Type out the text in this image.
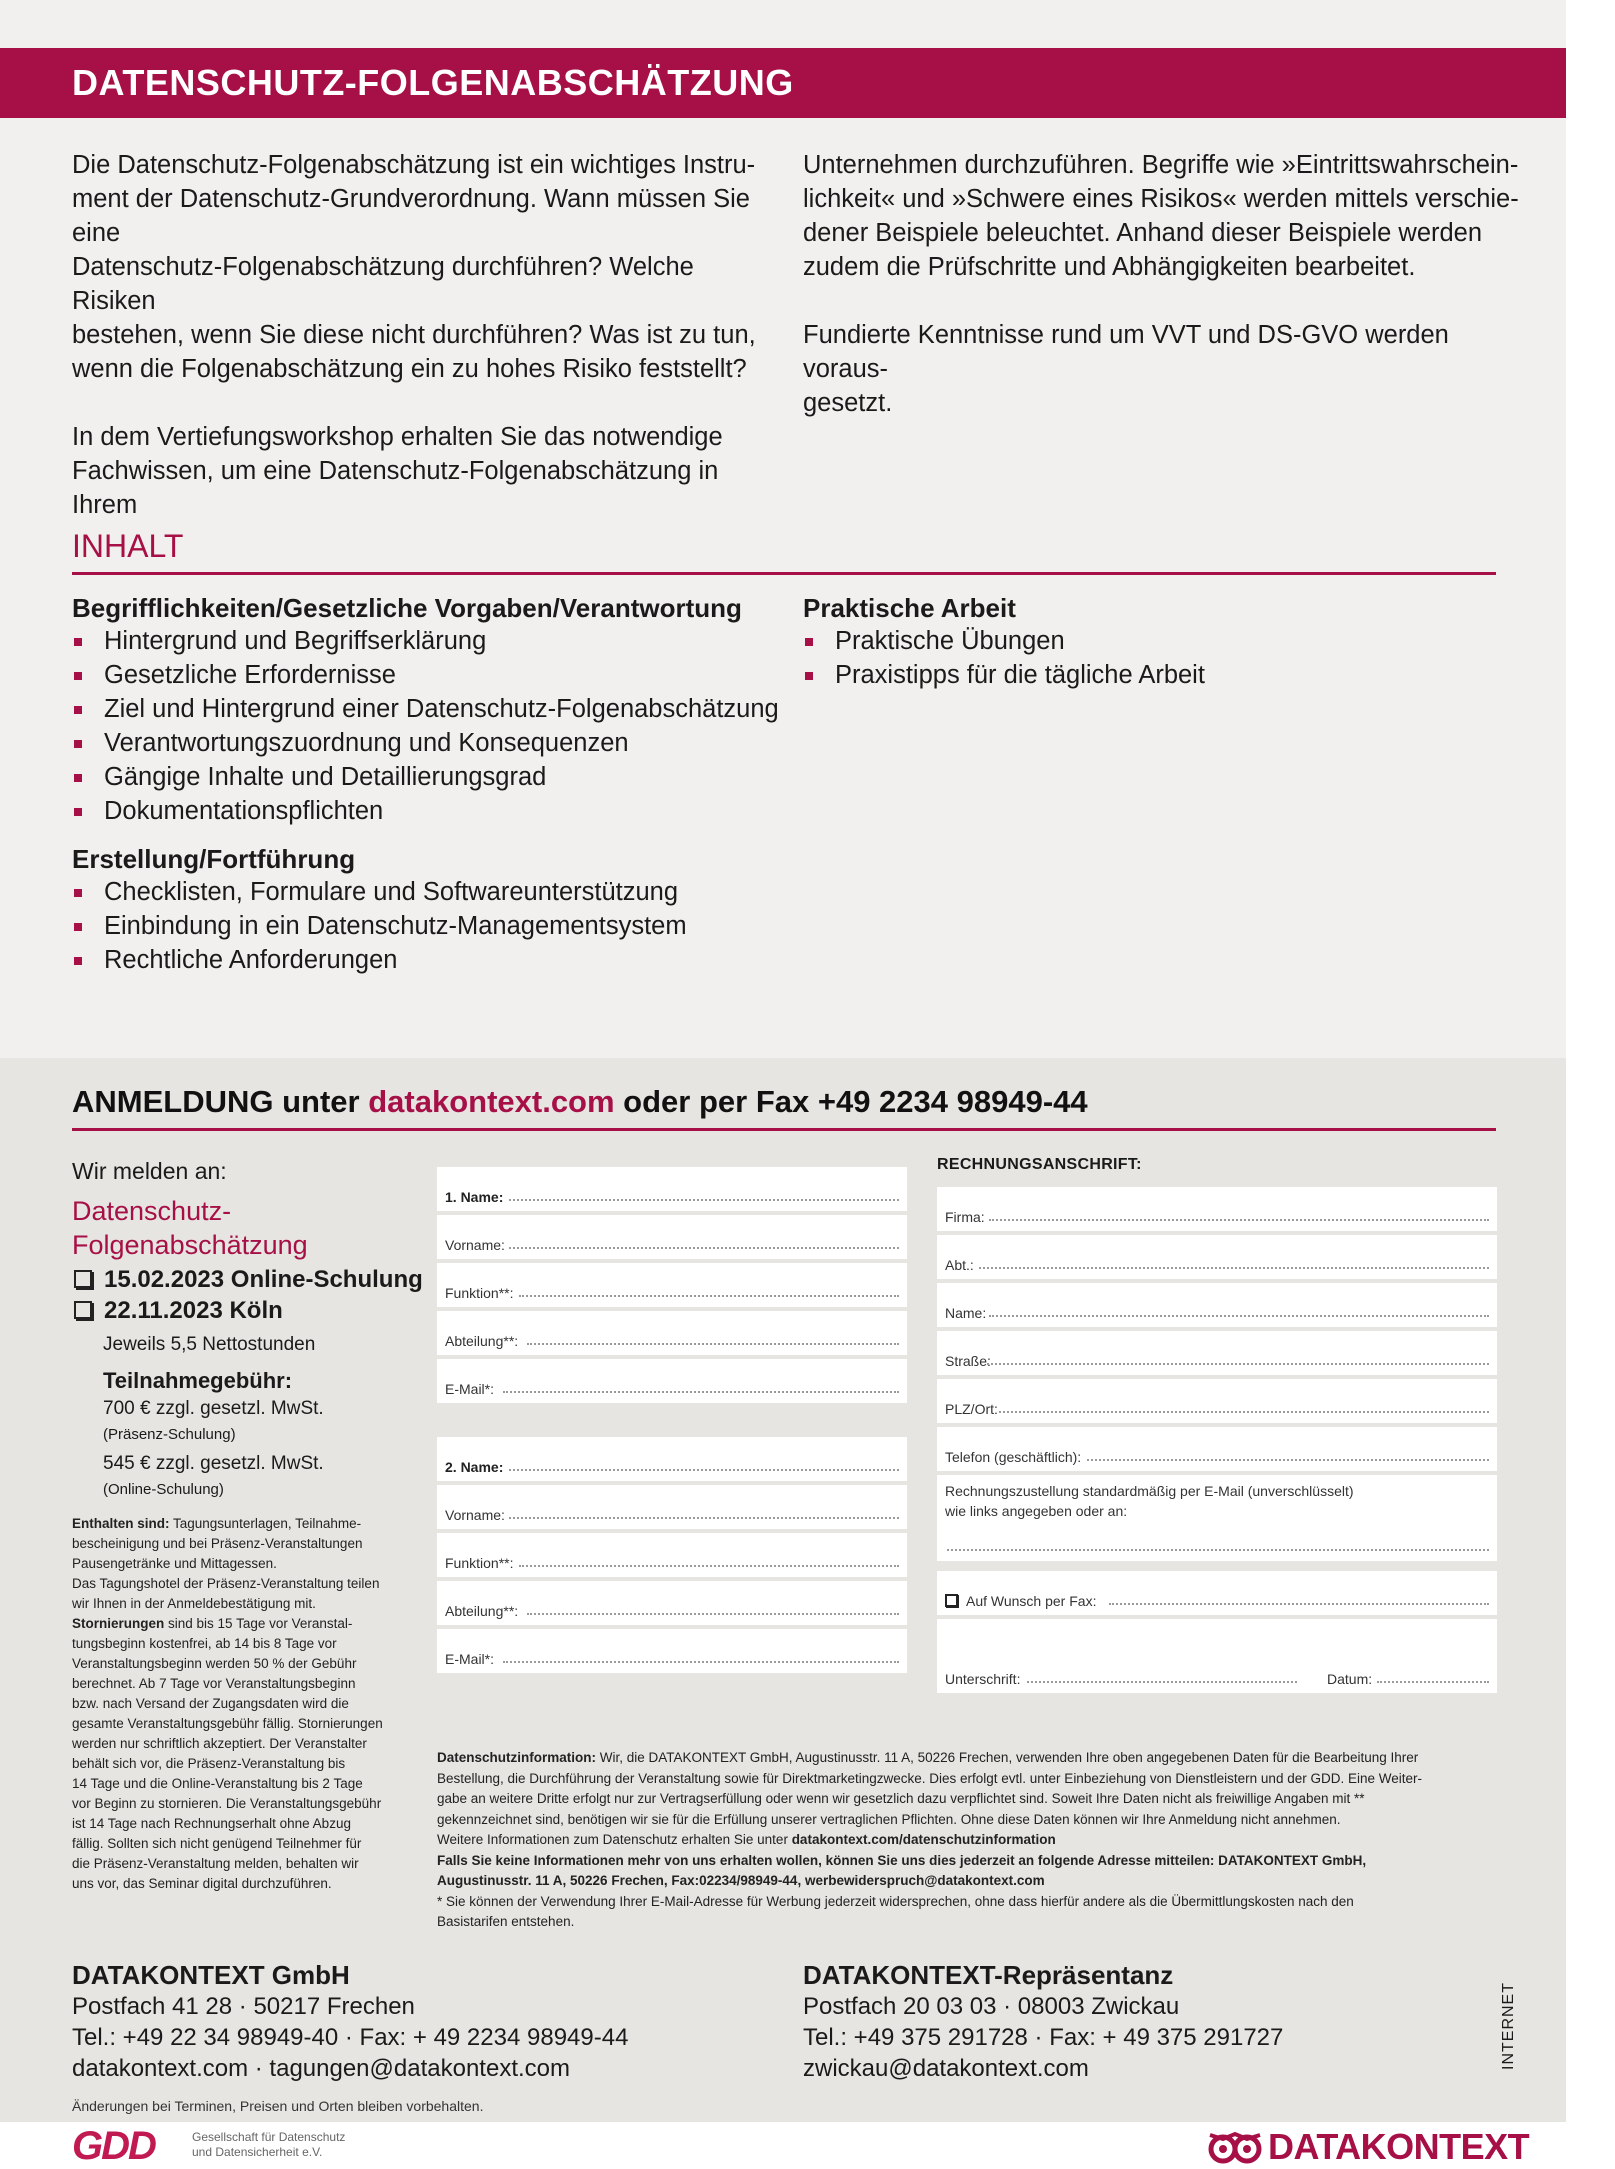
DATENSCHUTZ-FOLGENABSCHÄTZUNG
Die Datenschutz-Folgenabschätzung ist ein wichtiges Instru-
ment der Datenschutz-Grundverordnung. Wann müssen Sie eine
Datenschutz-Folgenabschätzung durchführen? Welche Risiken
bestehen, wenn Sie diese nicht durchführen? Was ist zu tun,
wenn die Folgenabschätzung ein zu hohes Risiko feststellt?

In dem Vertiefungsworkshop erhalten Sie das notwendige
Fachwissen, um eine Datenschutz-Folgenabschätzung in Ihrem
Unternehmen durchzuführen. Begriffe wie »Eintrittswahrschein-
lichkeit« und »Schwere eines Risikos« werden mittels verschie-
dener Beispiele beleuchtet. Anhand dieser Beispiele werden
zudem die Prüfschritte und Abhängigkeiten bearbeitet.

Fundierte Kenntnisse rund um VVT und DS-GVO werden voraus-
gesetzt.
INHALT
Begrifflichkeiten/Gesetzliche Vorgaben/Verantwortung
Hintergrund und Begriffserklärung
Gesetzliche Erfordernisse
Ziel und Hintergrund einer Datenschutz-Folgenabschätzung
Verantwortungszuordnung und Konsequenzen
Gängige Inhalte und Detaillierungsgrad
Dokumentationspflichten
Erstellung/Fortführung
Checklisten, Formulare und Softwareunterstützung
Einbindung in ein Datenschutz-Managementsystem
Rechtliche Anforderungen
Praktische Arbeit
Praktische Übungen
Praxistipps für die tägliche Arbeit
ANMELDUNG unter datakontext.com oder per Fax +49 2234 98949-44
Wir melden an:
Datenschutz-
Folgenabschätzung
15.02.2023 Online-Schulung
22.11.2023 Köln
Jeweils 5,5 Nettostunden
Teilnahmegebühr:
700 € zzgl. gesetzl. MwSt.
(Präsenz-Schulung)
545 € zzgl. gesetzl. MwSt.
(Online-Schulung)
Enthalten sind: Tagungsunterlagen, Teilnahme-
bescheinigung und bei Präsenz-Veranstaltungen
Pausengetränke und Mittagessen.
Das Tagungshotel der Präsenz-Veranstaltung teilen
wir Ihnen in der Anmeldebestätigung mit.
Stornierungen sind bis 15 Tage vor Veranstal-
tungsbeginn kostenfrei, ab 14 bis 8 Tage vor
Veranstaltungsbeginn werden 50 % der Gebühr
berechnet. Ab 7 Tage vor Veranstaltungsbeginn
bzw. nach Versand der Zugangsdaten wird die
gesamte Veranstaltungsgebühr fällig. Stornierungen
werden nur schriftlich akzeptiert. Der Veranstalter
behält sich vor, die Präsenz-Veranstaltung bis
14 Tage und die Online-Veranstaltung bis 2 Tage
vor Beginn zu stornieren. Die Veranstaltungsgebühr
ist 14 Tage nach Rechnungserhalt ohne Abzug
fällig. Sollten sich nicht genügend Teilnehmer für
die Präsenz-Veranstaltung melden, behalten wir
uns vor, das Seminar digital durchzuführen.
1. Name:
Vorname:
Funktion**:
Abteilung**:
E-Mail*:
2. Name:
Vorname:
Funktion**:
Abteilung**:
E-Mail*:
RECHNUNGSANSCHRIFT:
Firma:
Abt.:
Name:
Straße:
PLZ/Ort:
Telefon (geschäftlich):
Rechnungszustellung standardmäßig per E-Mail (unverschlüsselt)
wie links angegeben oder an:
Auf Wunsch per Fax:
Unterschrift:	Datum:
Datenschutzinformation: Wir, die DATAKONTEXT GmbH, Augustinusstr. 11 A, 50226 Frechen, verwenden Ihre oben angegebenen Daten für die Bearbeitung Ihrer
Bestellung, die Durchführung der Veranstaltung sowie für Direktmarketingzwecke. Dies erfolgt evtl. unter Einbeziehung von Dienstleistern und der GDD. Eine Weiter-
gabe an weitere Dritte erfolgt nur zur Vertragserfüllung oder wenn wir gesetzlich dazu verpflichtet sind. Soweit Ihre Daten nicht als freiwillige Angaben mit **
gekennzeichnet sind, benötigen wir sie für die Erfüllung unserer vertraglichen Pflichten. Ohne diese Daten können wir Ihre Anmeldung nicht annehmen.
Weitere Informationen zum Datenschutz erhalten Sie unter datakontext.com/datenschutzinformation
Falls Sie keine Informationen mehr von uns erhalten wollen, können Sie uns dies jederzeit an folgende Adresse mitteilen: DATAKONTEXT GmbH,
Augustinusstr. 11 A, 50226 Frechen, Fax:02234/98949-44, werbewiderspruch@datakontext.com
* Sie können der Verwendung Ihrer E-Mail-Adresse für Werbung jederzeit widersprechen, ohne dass hierfür andere als die Übermittlungskosten nach den
Basistarifen entstehen.
DATAKONTEXT GmbH
Postfach 41 28 · 50217 Frechen
Tel.: +49 22 34 98949-40 · Fax: + 49 2234 98949-44
datakontext.com · tagungen@datakontext.com
DATAKONTEXT-Repräsentanz
Postfach 20 03 03 · 08003 Zwickau
Tel.: +49 375 291728 · Fax: + 49 375 291727
zwickau@datakontext.com	INTERNET
Änderungen bei Terminen, Preisen und Orten bleiben vorbehalten.
GDD	Gesellschaft für Datenschutz
und Datensicherheit e.V.	DATAKONTEXT
